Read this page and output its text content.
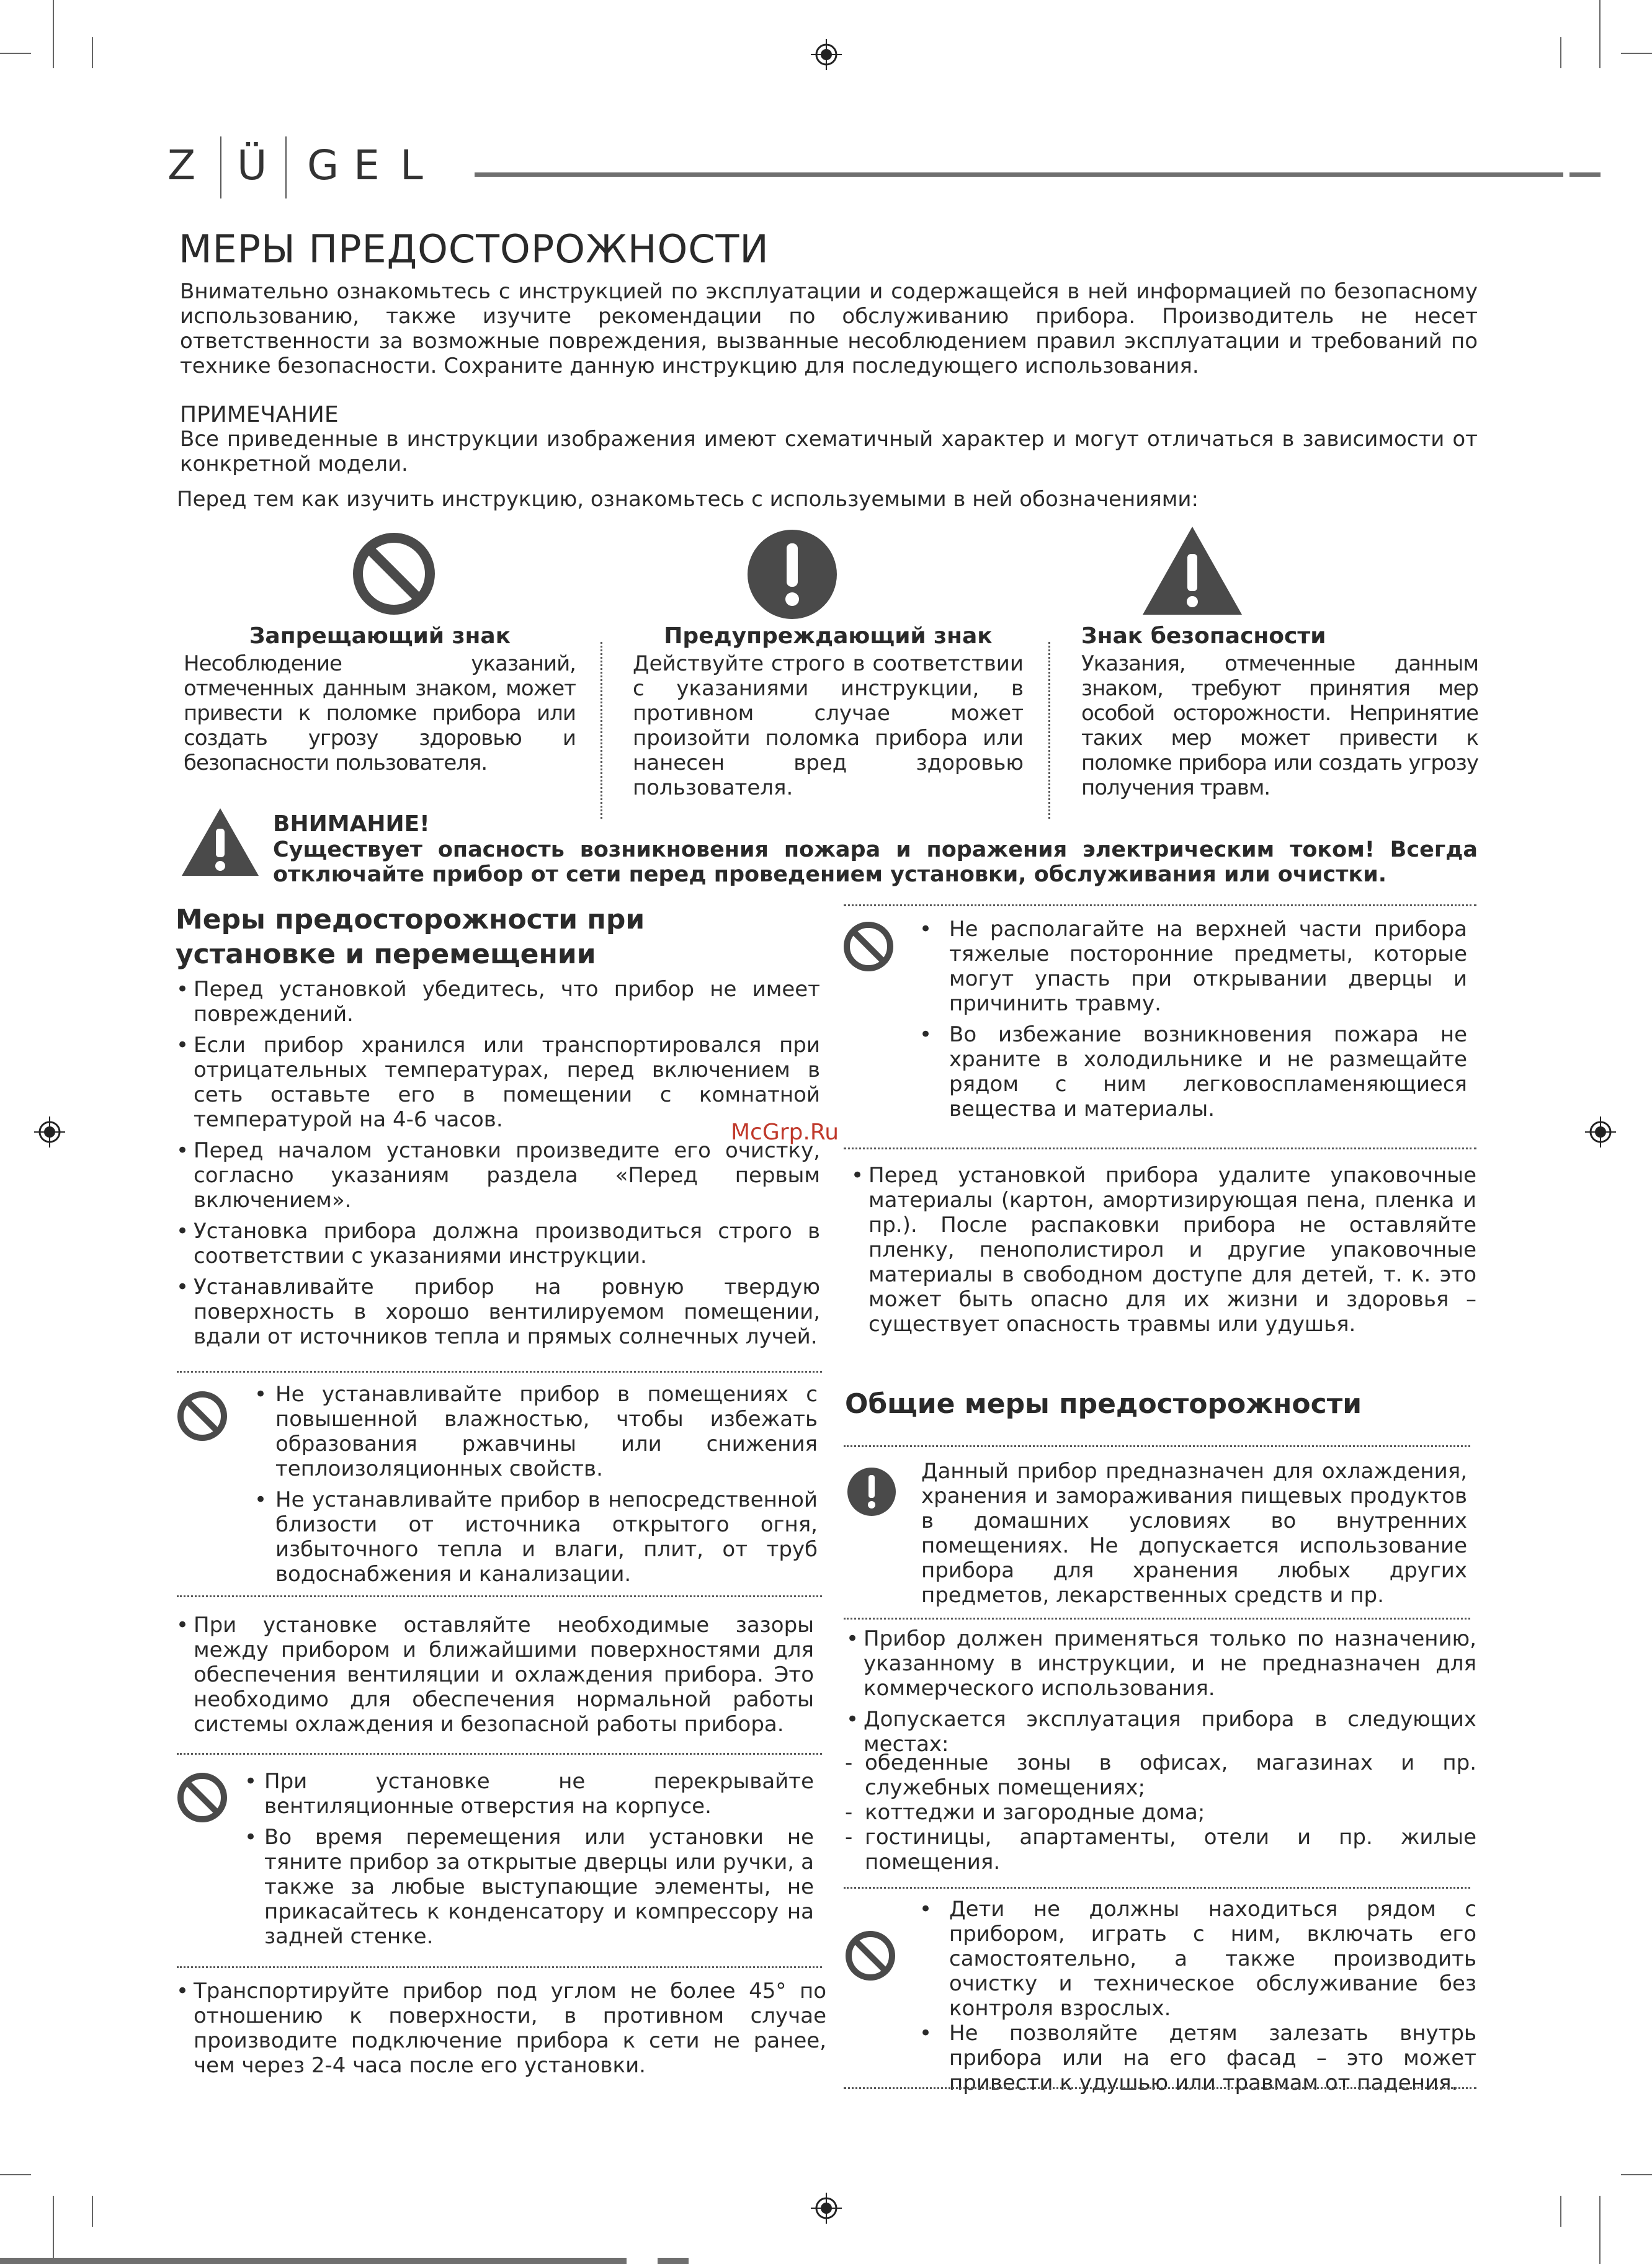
Z Ü G E L
МЕРЫ ПРЕДОСТОРОЖНОСТИ
Внимательно ознакомьтесь с инструкцией по эксплуатации и содержащейся в ней информацией по безопасному использованию, также изучите рекомендации по обслуживанию прибора. Производитель не несет ответственности за возможные повреждения, вызванные несоблюдением правил эксплуатации и требований по технике безопасности. Сохраните данную инструкцию для последующего использования.
ПРИМЕЧАНИЕ
Все приведенные в инструкции изображения имеют схематичный характер и могут отличаться в зависимости от конкретной модели.
Перед тем как изучить инструкцию, ознакомьтесь с используемыми в ней обозначениями:
Запрещающий знак
Несоблюдение указаний, отмеченных данным знаком, может привести к поломке прибора или создать угрозу здоровью и безопасности пользователя.
Предупреждающий знак
Действуйте строго в соответствии с указаниями инструкции, в противном случае может произойти поломка прибора или нанесен вред здоровью пользователя.
Знак безопасности
Указания, отмеченные данным знаком, требуют принятия мер особой осторожности. Непринятие таких мер может привести к поломке прибора или создать угрозу получения травм.
ВНИМАНИЕ!
Существует опасность возникновения пожара и поражения электрическим током! Всегда отключайте прибор от сети перед проведением установки, обслуживания или очистки.
Меры предосторожности при установке и перемещении
• Перед установкой убедитесь, что прибор не имеет повреждений.
• Если прибор хранился или транспортировался при отрицательных температурах, перед включением в сеть оставьте его в помещении с комнатной температурой на 4-6 часов.
• Перед началом установки произведите его очистку, согласно указаниям раздела «Перед первым включением».
• Установка прибора должна производиться строго в соответствии с указаниями инструкции.
• Устанавливайте прибор на ровную твердую поверхность в хорошо вентилируемом помещении, вдали от источников тепла и прямых солнечных лучей.
• Не устанавливайте прибор в помещениях с повышенной влажностью, чтобы избежать образования ржавчины или снижения теплоизоляционных свойств.
• Не устанавливайте прибор в непосредственной близости от источника открытого огня, избыточного тепла и влаги, плит, от труб водоснабжения и канализации.
• При установке оставляйте необходимые зазоры между прибором и ближайшими поверхностями для обеспечения вентиляции и охлаждения прибора. Это необходимо для обеспечения нормальной работы системы охлаждения и безопасной работы прибора.
• При установке не перекрывайте вентиляционные отверстия на корпусе.
• Во время перемещения или установки не тяните прибор за открытые дверцы или ручки, а также за любые выступающие элементы, не прикасайтесь к конденсатору и компрессору на задней стенке.
• Транспортируйте прибор под углом не более 45° по отношению к поверхности, в противном случае производите подключение прибора к сети не ранее, чем через 2-4 часа после его установки.
McGrp.Ru
• Не располагайте на верхней части прибора тяжелые посторонние предметы, которые могут упасть при открывании дверцы и причинить травму.
• Во избежание возникновения пожара не храните в холодильнике и не размещайте рядом с ним легковоспламеняющиеся вещества и материалы.
• Перед установкой прибора удалите упаковочные материалы (картон, амортизирующая пена, пленка и пр.). После распаковки прибора не оставляйте пленку, пенополистирол и другие упаковочные материалы в свободном доступе для детей, т. к. это может быть опасно для их жизни и здоровья – существует опасность травмы или удушья.
Общие меры предосторожности
Данный прибор предназначен для охлаждения, хранения и замораживания пищевых продуктов в домашних условиях во внутренних помещениях. Не допускается использование прибора для хранения любых других предметов, лекарственных средств и пр.
• Прибор должен применяться только по назначению, указанному в инструкции, и не предназначен для коммерческого использования.
• Допускается эксплуатация прибора в следующих местах:
- обеденные зоны в офисах, магазинах и пр. служебных помещениях;
- коттеджи и загородные дома;
- гостиницы, апартаменты, отели и пр. жилые помещения.
• Дети не должны находиться рядом с прибором, играть с ним, включать его самостоятельно, а также производить очистку и техническое обслуживание без контроля взрослых.
• Не позволяйте детям залезать внутрь прибора или на его фасад – это может привести к удушью или травмам от падения.
